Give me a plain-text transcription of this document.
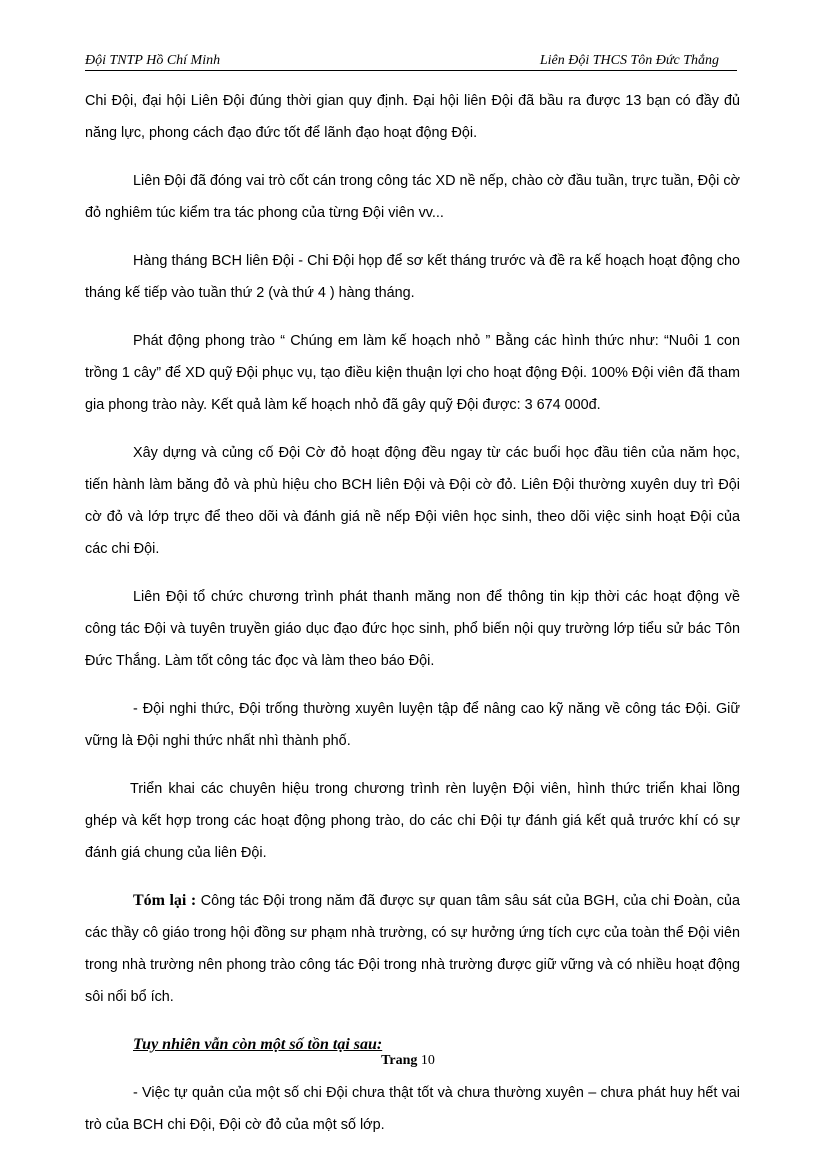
Đội TNTP Hồ Chí Minh	Liên Đội THCS Tôn Đức Thắng

Chi Đội, đại hội Liên Đội đúng thời gian quy định. Đại hội liên Đội đã bầu ra được 13 bạn có đầy đủ năng lực, phong cách đạo đức tốt để lãnh đạo hoạt động Đội.

Liên Đội đã đóng vai trò cốt cán trong công tác XD nề nếp, chào cờ đầu tuần, trực tuần, Đội cờ đỏ nghiêm túc kiểm tra tác phong của từng Đội viên vv...

Hàng tháng BCH liên Đội - Chi Đội họp để sơ kết tháng trước và đề ra kế hoạch hoạt động cho tháng kế tiếp vào tuần thứ 2 (và thứ 4 ) hàng tháng.

Phát động phong trào “ Chúng em làm kế hoạch nhỏ ” Bằng các hình thức như: “Nuôi 1 con trồng 1 cây” để XD quỹ Đội phục vụ, tạo điều kiện thuận lợi cho hoạt động Đội. 100% Đội viên đã tham gia phong trào này. Kết quả làm kế hoạch nhỏ đã gây quỹ Đội được: 3 674 000đ.

Xây dựng và củng cố Đội Cờ đỏ hoạt động đều ngay từ các buổi học đầu tiên của năm học, tiến hành làm băng đỏ và phù hiệu cho BCH liên Đội và Đội cờ đỏ. Liên Đội thường xuyên duy trì Đội cờ đỏ và lớp trực để theo dõi và đánh giá nề nếp Đội viên học sinh, theo dõi việc sinh hoạt Đội của các chi Đội.

Liên Đội tổ chức chương trình phát thanh măng non để thông tin kịp thời các hoạt động về công tác Đội và tuyên truyền giáo dục đạo đức học sinh, phổ biến nội quy trường lớp tiểu sử bác Tôn Đức Thắng. Làm tốt công tác đọc và làm theo báo Đội.

- Đội nghi thức, Đội trống thường xuyên luyện tập để nâng cao kỹ năng về công tác Đội. Giữ vững là Đội nghi thức nhất nhì thành phố.

Triển khai các chuyên hiệu trong chương trình rèn luyện Đội viên, hình thức triển khai lồng ghép và kết hợp trong các hoạt động phong trào, do các chi Đội tự đánh giá kết quả trước khí có sự đánh giá chung của liên Đội.

Tóm lại : Công tác Đội trong năm đã được sự quan tâm sâu sát của BGH, của chi Đoàn, của các thầy cô giáo trong hội đồng sư phạm nhà trường, có sự hưởng ứng tích cực của toàn thể Đội viên trong nhà trường nên phong trào công tác Đội trong nhà trường được giữ vững và có nhiều hoạt động sôi nổi bổ ích.

Tuy nhiên vẫn còn một số tồn tại sau:

- Việc tự quản của một số chi Đội chưa thật tốt và chưa thường xuyên – chưa phát huy hết vai trò của BCH chi Đội, Đội cờ đỏ của một số lớp.

Trang 10
